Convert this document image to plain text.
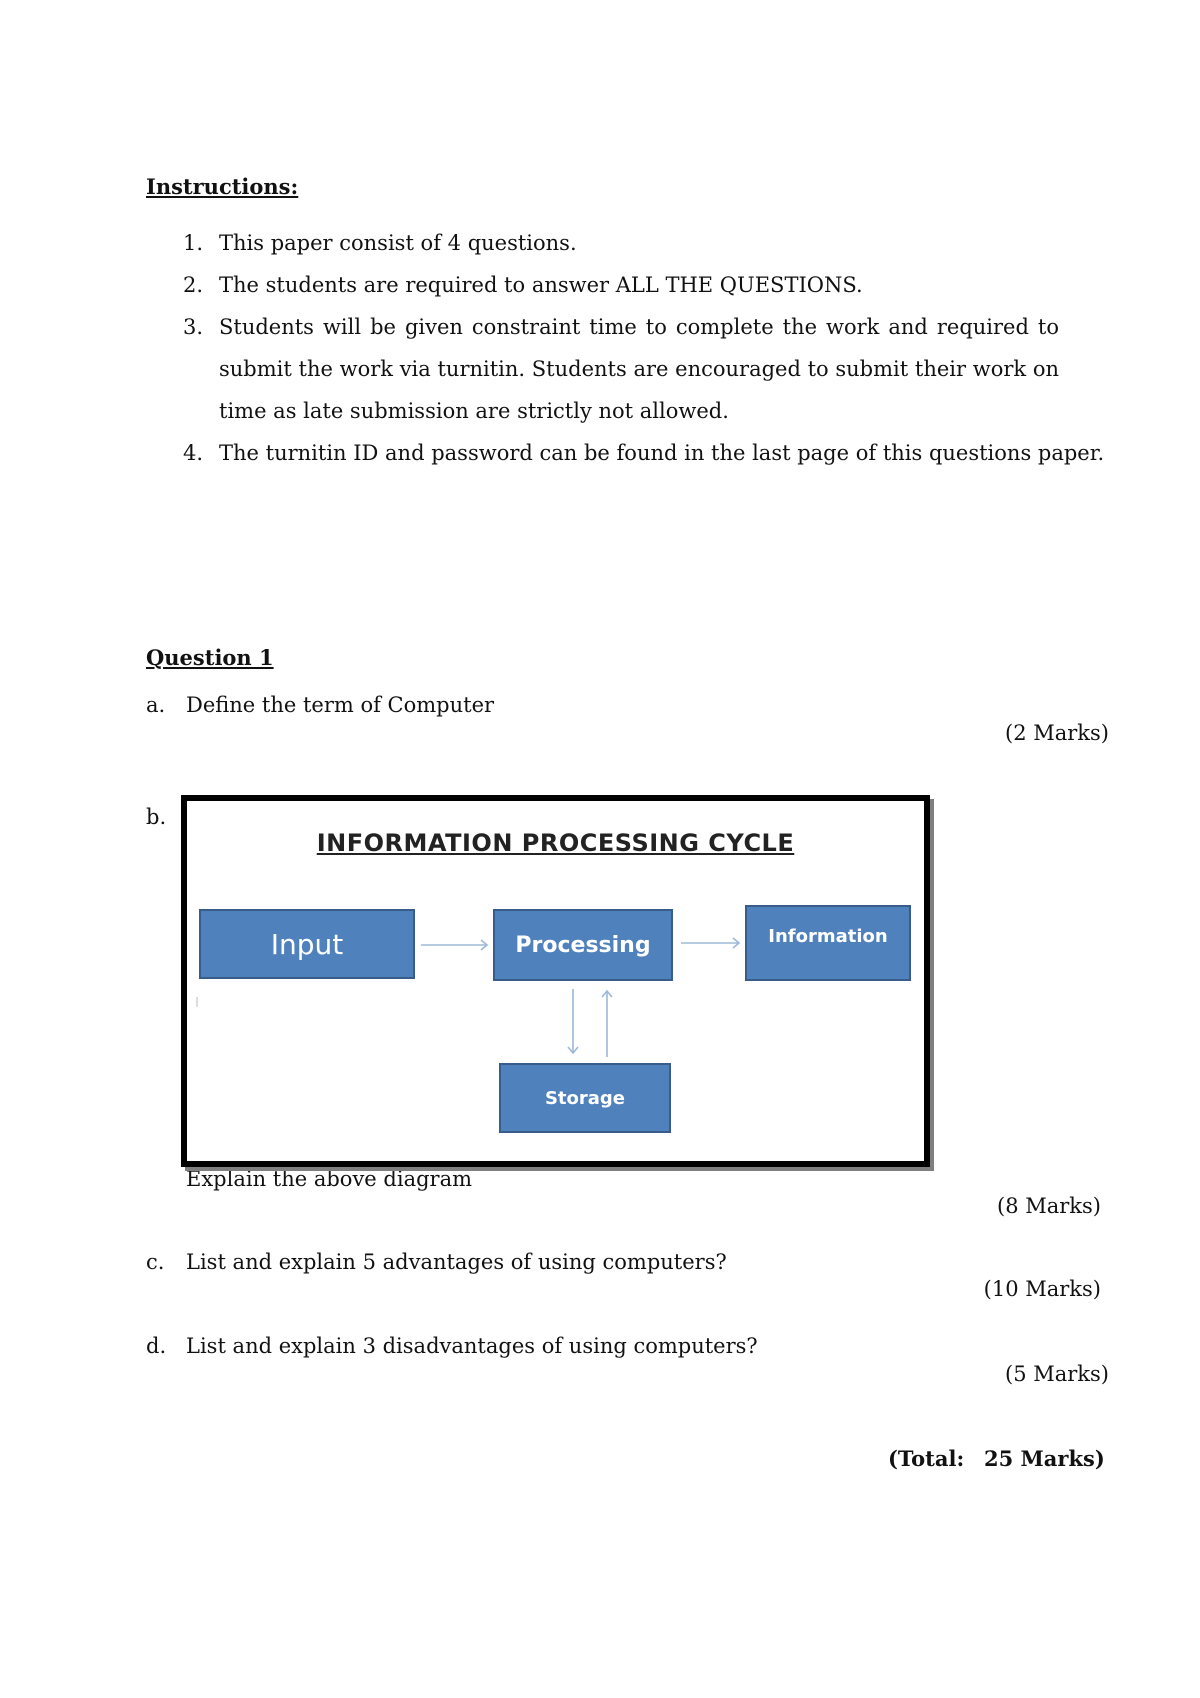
Instructions:
1. This paper consist of 4 questions.
2. The students are required to answer ALL THE QUESTIONS.
3. Students will be given constraint time to complete the work and required to submit the work via turnitin. Students are encouraged to submit their work on time as late submission are strictly not allowed.
4. The turnitin ID and password can be found in the last page of this questions paper.
Question 1
a. Define the term of Computer
(2 Marks)
b.
Explain the above diagram
INFORMATION PROCESSING CYCLE
Input	Processing	Information
Storage
(8 Marks)
c. List and explain 5 advantages of using computers?
(10 Marks)
d. List and explain 3 disadvantages of using computers?
(5 Marks)
(Total: 25 Marks)
